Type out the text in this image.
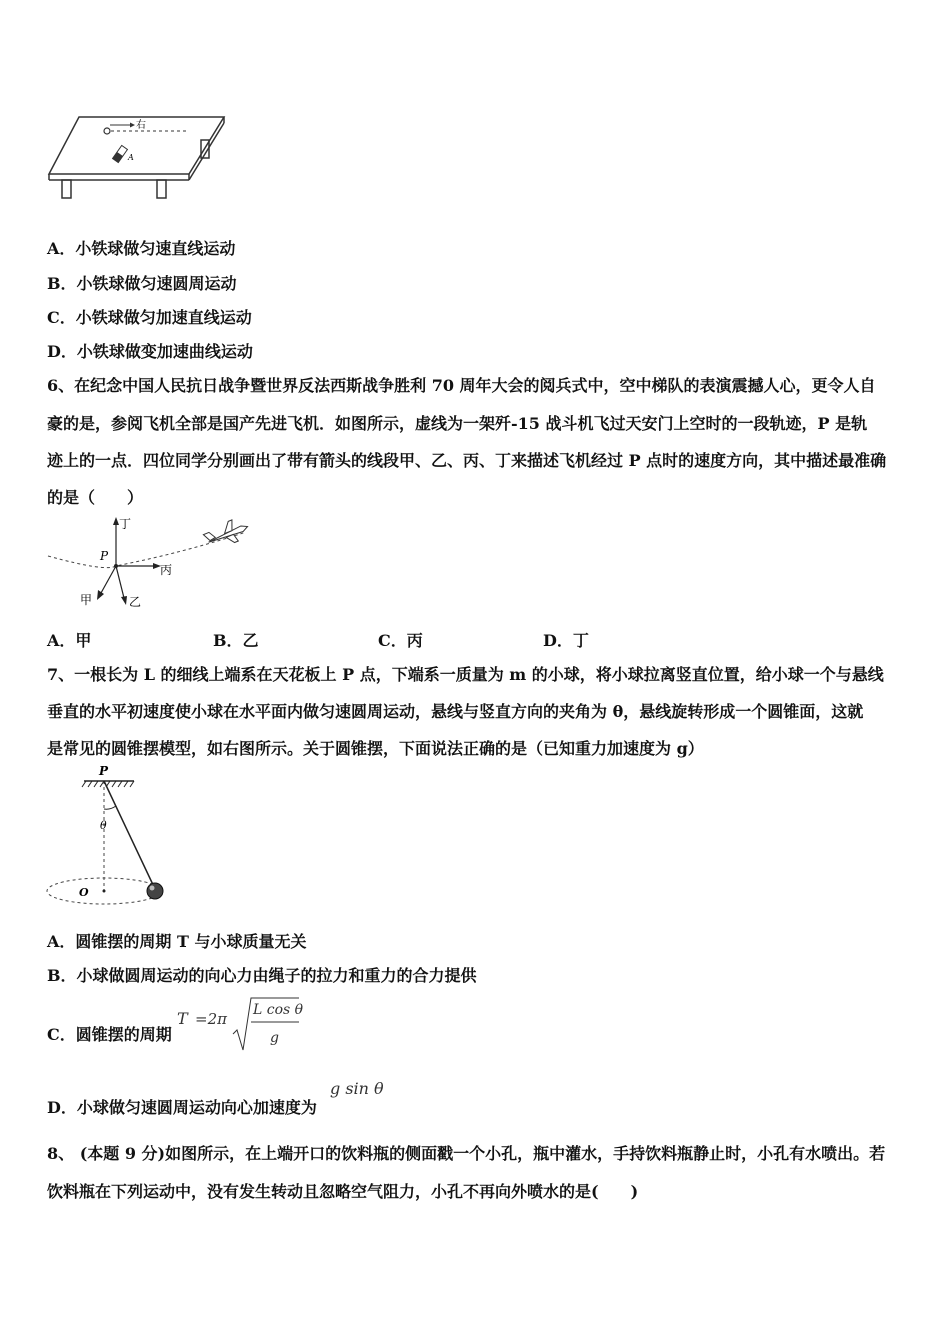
右
A
A．小铁球做匀速直线运动
B．小铁球做匀速圆周运动
C．小铁球做匀加速直线运动
D．小铁球做变加速曲线运动
6、在纪念中国人民抗日战争暨世界反法西斯战争胜利 70 周年大会的阅兵式中，空中梯队的表演震撼人心，更令人自
豪的是，参阅飞机全部是国产先进飞机．如图所示，虚线为一架歼-15 战斗机飞过天安门上空时的一段轨迹，P 是轨
迹上的一点．四位同学分别画出了带有箭头的线段甲、乙、丙、丁来描述飞机经过 P 点时的速度方向，其中描述最准确
的是（　　）
P
丁
丙
乙
甲
A．甲	B．乙	C．丙	D．丁
7、一根长为 L 的细线上端系在天花板上 P 点，下端系一质量为 m 的小球，将小球拉离竖直位置，给小球一个与悬线
垂直的水平初速度使小球在水平面内做匀速圆周运动，悬线与竖直方向的夹角为 θ，悬线旋转形成一个圆锥面，这就
是常见的圆锥摆模型，如右图所示。关于圆锥摆，下面说法正确的是（已知重力加速度为 g）
P
θ
O
A．圆锥摆的周期 T 与小球质量无关
B．小球做圆周运动的向心力由绳子的拉力和重力的合力提供
C．圆锥摆的周期
T =2π L cos θ
g
D．小球做匀速圆周运动向心加速度为
g sin θ
8、 (本题 9 分)如图所示，在上端开口的饮料瓶的侧面戳一个小孔，瓶中灌水，手持饮料瓶静止时，小孔有水喷出。若
饮料瓶在下列运动中，没有发生转动且忽略空气阻力，小孔不再向外喷水的是(　　)
